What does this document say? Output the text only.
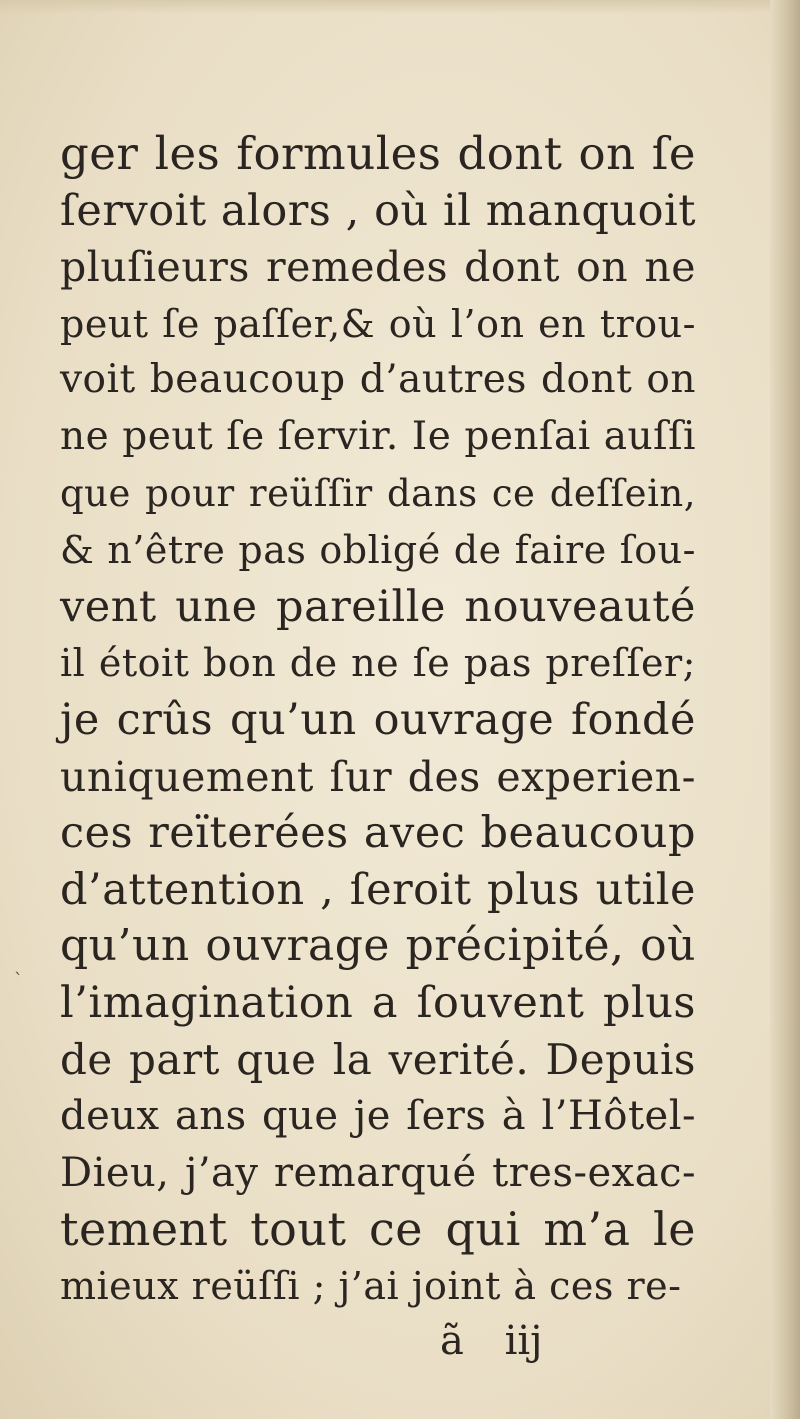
ˋ
ger les formules dont on ſe
ſervoit alors , où il manquoit
pluſieurs remedes dont on ne
peut ſe paſſer,& où l’on en trou-
voit beaucoup d’autres dont on
ne peut ſe ſervir. Ie penſai auſſi
que pour reüſſir dans ce deſſein,
& n’être pas obligé de faire ſou-
vent une pareille nouveauté
il étoit bon de ne ſe pas preſſer;
je crûs qu’un ouvrage fondé
uniquement ſur des experien-
ces reïterées avec beaucoup
d’attention , ſeroit plus utile
qu’un ouvrage précipité, où
l’imagination a ſouvent plus
de part que la verité. Depuis
deux ans que je ſers à l’Hôtel-
Dieu, j’ay remarqué tres-exac-
tement tout ce qui m’a le
mieux reüſſi ; j’ai joint à ces re-
ã iij
